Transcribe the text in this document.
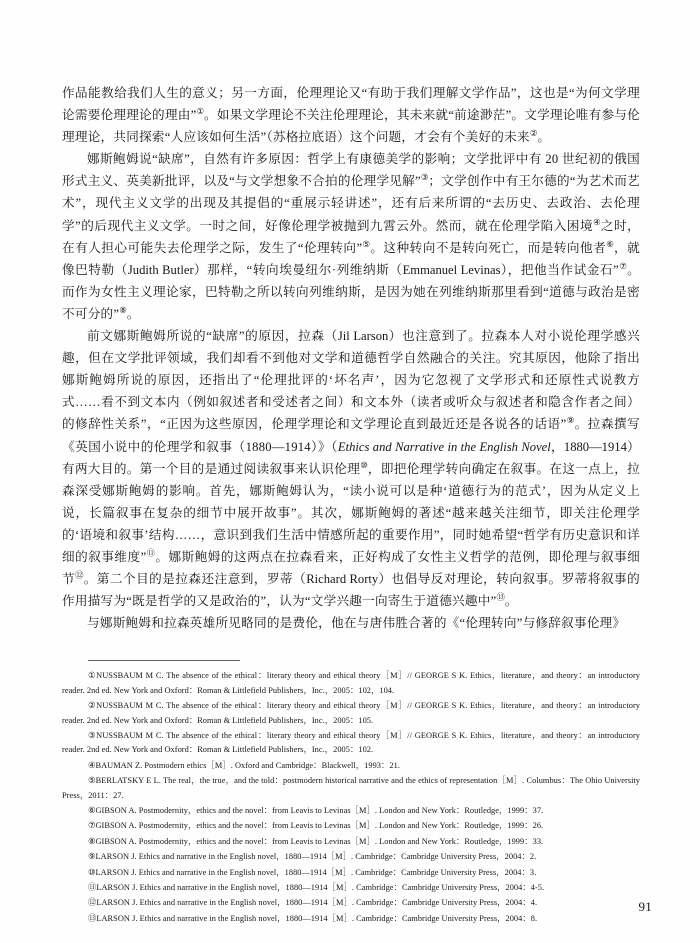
作品能教给我们人生的意义；另一方面，伦理理论又“有助于我们理解文学作品”，这也是“为何文学理论需要伦理理论的理由”①。如果文学理论不关注伦理理论，其未来就“前途渺茫”。文学理论唯有参与伦理理论，共同探索“人应该如何生活”（苏格拉底语）这个问题，才会有个美好的未来②。

娜斯鲍姆说“缺席”，自然有许多原因：哲学上有康德美学的影响；文学批评中有 20 世纪初的俄国形式主义、英美新批评，以及“与文学想象不合拍的伦理学见解”③；文学创作中有王尔德的“为艺术而艺术”，现代主义文学的出现及其提倡的“重展示轻讲述”，还有后来所谓的“去历史、去政治、去伦理学”的后现代主义文学。一时之间，好像伦理学被抛到九霄云外。然而，就在伦理学陷入困境④之时，在有人担心可能失去伦理学之际，发生了“伦理转向”⑤。这种转向不是转向死亡，而是转向他者⑥，就像巴特勒（Judith Butler）那样，“转向埃曼纽尔·列维纳斯（Emmanuel Levinas），把他当作试金石”⑦。而作为女性主义理论家，巴特勒之所以转向列维纳斯，是因为她在列维纳斯那里看到“道德与政治是密不可分的”⑧。

前文娜斯鲍姆所说的“缺席”的原因，拉森（Jil Larson）也注意到了。拉森本人对小说伦理学感兴趣，但在文学批评领域，我们却看不到他对文学和道德哲学自然融合的关注。究其原因，他除了指出娜斯鲍姆所说的原因，还指出了“伦理批评的‘坏名声’，因为它忽视了文学形式和还原性式说教方式……看不到文本内（例如叙述者和受述者之间）和文本外（读者或听众与叙述者和隐含作者之间）的修辞性关系”，“正因为这些原因，伦理学理论和文学理论直到最近还是各说各的话语”⑨。拉森撰写《英国小说中的伦理学和叙事（1880—1914）》（Ethics and Narrative in the English Novel，1880—1914）有两大目的。第一个目的是通过阅读叙事来认识伦理⑩，即把伦理学转向确定在叙事。在这一点上，拉森深受娜斯鲍姆的影响。首先，娜斯鲍姆认为，“读小说可以是种‘道德行为的范式’，因为从定义上说，长篇叙事在复杂的细节中展开故事”。其次，娜斯鲍姆的著述“越来越关注细节，即关注伦理学的‘语境和叙事’结构……，意识到我们生活中情感所起的重要作用”，同时她希望“哲学有历史意识和详细的叙事维度”⑪。娜斯鲍姆的这两点在拉森看来，正好构成了女性主义哲学的范例，即伦理与叙事细节⑫。第二个目的是拉森还注意到，罗蒂（Richard Rorty）也倡导反对理论，转向叙事。罗蒂将叙事的作用描写为“既是哲学的又是政治的”，认为“文学兴趣一向寄生于道德兴趣中”⑬。

与娜斯鲍姆和拉森英雄所见略同的是费伦，他在与唐伟胜合著的《“伦理转向”与修辞叙事伦理》

①NUSSBAUM M C. The absence of the ethical：literary theory and ethical theory［M］// GEORGE S K. Ethics，literature，and theory：an introductory reader. 2nd ed. New York and Oxford：Roman & Littlefield Publishers，Inc.，2005：102，104.

②NUSSBAUM M C. The absence of the ethical：literary theory and ethical theory［M］// GEORGE S K. Ethics，literature，and theory：an introductory reader. 2nd ed. New York and Oxford：Roman & Littlefield Publishers，Inc.，2005：105.

③NUSSBAUM M C. The absence of the ethical：literary theory and ethical theory［M］// GEORGE S K. Ethics，literature，and theory：an introductory reader. 2nd ed. New York and Oxford：Roman & Littlefield Publishers，Inc.，2005：102.

④BAUMAN Z. Postmodern ethics［M］. Oxford and Cambridge：Blackwell，1993：21.

⑤BERLATSKY E L. The real，the true，and the told：postmodern historical narrative and the ethics of representation［M］. Columbus：The Ohio University Press，2011：27.

⑥GIBSON A. Postmodernity，ethics and the novel：from Leavis to Levinas［M］. London and New York：Routledge，1999：37.

⑦GIBSON A. Postmodernity，ethics and the novel：from Leavis to Levinas［M］. London and New York：Routledge，1999：26.

⑧GIBSON A. Postmodernity，ethics and the novel：from Leavis to Levinas［M］. London and New York：Routledge，1999：33.

⑨LARSON J. Ethics and narrative in the English novel，1880—1914［M］. Cambridge：Cambridge University Press，2004：2.

⑩LARSON J. Ethics and narrative in the English novel，1880—1914［M］. Cambridge：Cambridge University Press，2004：3.

⑪LARSON J. Ethics and narrative in the English novel，1880—1914［M］. Cambridge：Cambridge University Press，2004：4-5.

⑫LARSON J. Ethics and narrative in the English novel，1880—1914［M］. Cambridge：Cambridge University Press，2004：4.

⑬LARSON J. Ethics and narrative in the English novel，1880—1914［M］. Cambridge：Cambridge University Press，2004：8.

91
